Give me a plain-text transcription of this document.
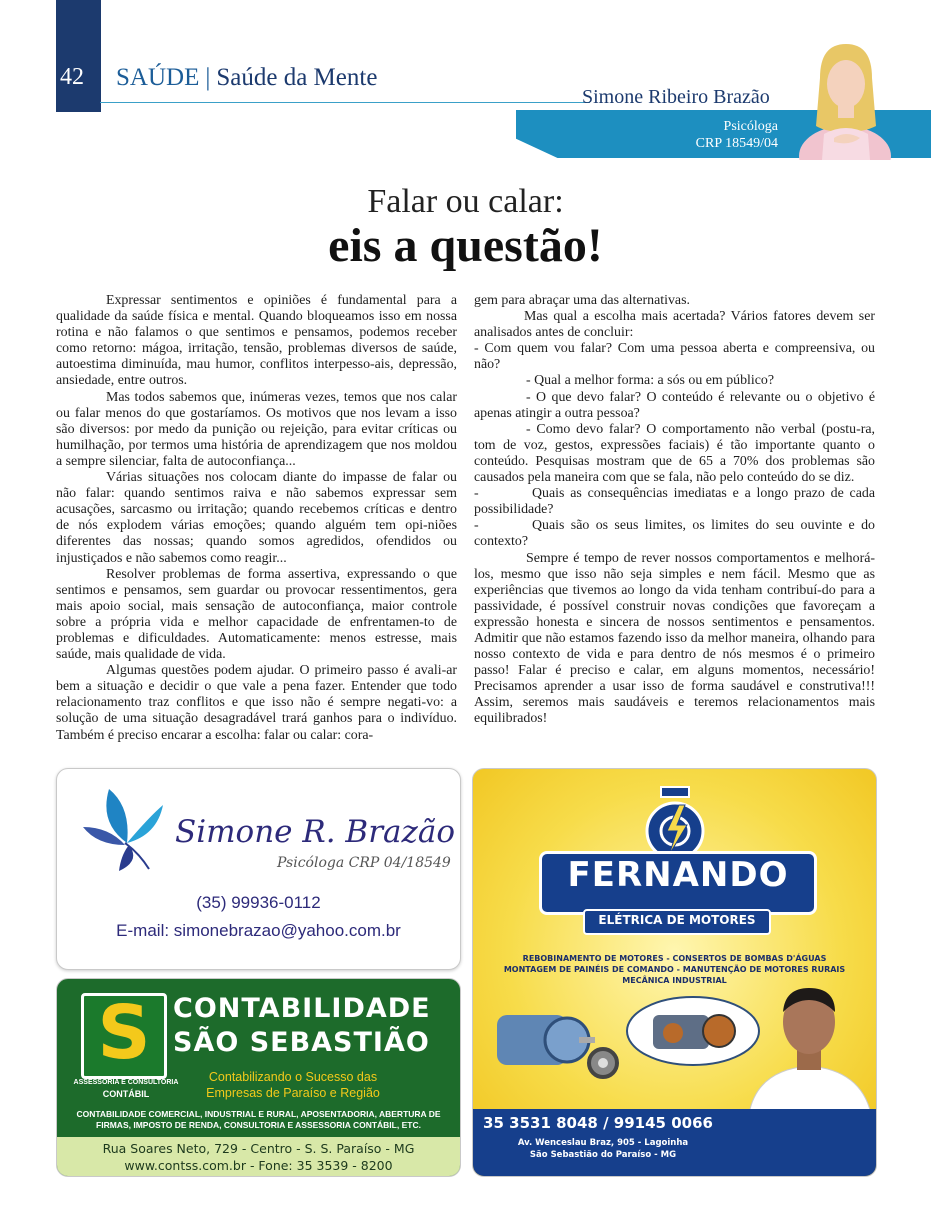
42 SAÚDE | Saúde da Mente
Simone Ribeiro Brazão
Psicóloga
CRP 18549/04
Falar ou calar:
eis a questão!

Expressar sentimentos e opiniões é fundamental para a qualidade da saúde física e mental. Quando bloqueamos isso em nossa rotina e não falamos o que sentimos e pensamos, podemos receber como retorno: mágoa, irritação, tensão, problemas diversos de saúde, autoestima diminuída, mau humor, conflitos interpesso-ais, depressão, ansiedade, entre outros.

Mas todos sabemos que, inúmeras vezes, temos que nos calar ou falar menos do que gostaríamos. Os motivos que nos levam a isso são diversos: por medo da punição ou rejeição, para evitar críticas ou humilhação, por termos uma história de aprendizagem que nos moldou a sempre silenciar, falta de autoconfiança...

Várias situações nos colocam diante do impasse de falar ou não falar: quando sentimos raiva e não sabemos expressar sem acusações, sarcasmo ou irritação; quando recebemos críticas e dentro de nós explodem várias emoções; quando alguém tem opi-niões diferentes das nossas; quando somos agredidos, ofendidos ou injustiçados e não sabemos como reagir...

Resolver problemas de forma assertiva, expressando o que sentimos e pensamos, sem guardar ou provocar ressentimentos, gera mais apoio social, mais sensação de autoconfiança, maior controle sobre a própria vida e melhor capacidade de enfrentamen-to de problemas e dificuldades. Automaticamente: menos estresse, mais saúde, mais qualidade de vida.

Algumas questões podem ajudar. O primeiro passo é avali-ar bem a situação e decidir o que vale a pena fazer. Entender que todo relacionamento traz conflitos e que isso não é sempre negati-vo: a solução de uma situação desagradável trará ganhos para o indivíduo. Também é preciso encarar a escolha: falar ou calar: cora-

gem para abraçar uma das alternativas.

Mas qual a escolha mais acertada? Vários fatores devem ser analisados antes de concluir:

- Com quem vou falar? Com uma pessoa aberta e compreensiva, ou não?

- Qual a melhor forma: a sós ou em público?

- O que devo falar? O conteúdo é relevante ou o objetivo é apenas atingir a outra pessoa?

- Como devo falar? O comportamento não verbal (postu-ra, tom de voz, gestos, expressões faciais) é tão importante quanto o conteúdo. Pesquisas mostram que de 65 a 70% dos problemas são causados pela maneira com que se fala, não pelo conteúdo do se diz.

-	Quais as consequências imediatas e a longo prazo de cada possibilidade?

-	Quais são os seus limites, os limites do seu ouvinte e do contexto?

Sempre é tempo de rever nossos comportamentos e melhorá-los, mesmo que isso não seja simples e nem fácil. Mesmo que as experiências que tivemos ao longo da vida tenham contribuí-do para a passividade, é possível construir novas condições que favoreçam a expressão honesta e sincera de nossos sentimentos e pensamentos. Admitir que não estamos fazendo isso da melhor maneira, olhando para nosso contexto de vida e para dentro de nós mesmos é o primeiro passo! Falar é preciso e calar, em alguns momentos, necessário! Precisamos aprender a usar isso de forma saudável e construtiva!!! Assim, seremos mais saudáveis e teremos relacionamentos mais equilibrados!

Simone R. Brazão
Psicóloga CRP 04/18549
(35) 99936-0112
E-mail: simonebrazao@yahoo.com.br
S
ASSESSORIA E CONSULTORIA
CONTÁBIL
CONTABILIDADE
SÃO SEBASTIÃO
Contabilizando o Sucesso das Empresas de Paraíso e Região
CONTABILIDADE COMERCIAL, INDUSTRIAL E RURAL, APOSENTADORIA, ABERTURA DE FIRMAS, IMPOSTO DE RENDA, CONSULTORIA E ASSESSORIA CONTÁBIL, ETC.
Rua Soares Neto, 729 - Centro - S. S. Paraíso - MG
www.contss.com.br - Fone: 35 3539 - 8200
FERNANDO
ELÉTRICA DE MOTORES
REBOBINAMENTO DE MOTORES - CONSERTOS DE BOMBAS D'ÁGUAS
MONTAGEM DE PAINÉIS DE COMANDO - MANUTENÇÃO DE MOTORES RURAIS
MECÂNICA INDUSTRIAL
35 3531 8048 / 99145 0066
Av. Wenceslau Braz, 905 - Lagoinha
São Sebastião do Paraíso - MG
